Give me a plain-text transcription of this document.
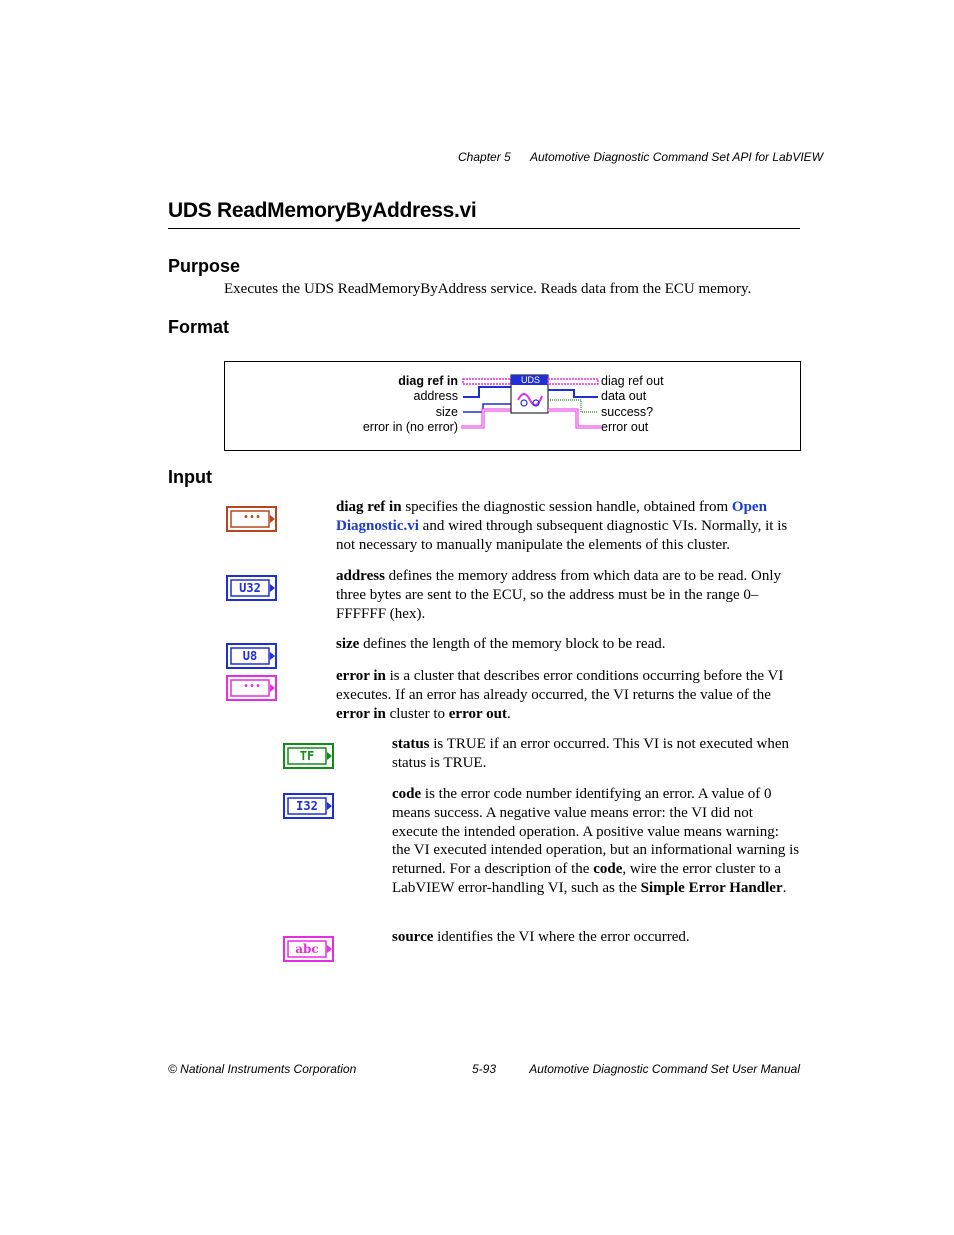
Chapter 5 Automotive Diagnostic Command Set API for LabVIEW
UDS ReadMemoryByAddress.vi
Purpose
Executes the UDS ReadMemoryByAddress service. Reads data from the ECU memory.
Format
UDS
diag ref in
address
size
error in (no error)
diag ref out
data out
success?
error out
Input
•••
diag ref in specifies the diagnostic session handle, obtained from Open Diagnostic.vi and wired through subsequent diagnostic VIs. Normally, it is not necessary to manually manipulate the elements of this cluster.
U32
address defines the memory address from which data are to be read. Only three bytes are sent to the ECU, so the address must be in the range 0–FFFFFF (hex).
U8
size defines the length of the memory block to be read.
•••
error in is a cluster that describes error conditions occurring before the VI executes. If an error has already occurred, the VI returns the value of the error in cluster to error out.
TF
status is TRUE if an error occurred. This VI is not executed when status is TRUE.
I32
code is the error code number identifying an error. A value of 0 means success. A negative value means error: the VI did not execute the intended operation. A positive value means warning: the VI executed intended operation, but an informational warning is returned. For a description of the code, wire the error cluster to a LabVIEW error-handling VI, such as the Simple Error Handler.
abc
source identifies the VI where the error occurred.
© National Instruments Corporation	5-93	Automotive Diagnostic Command Set User Manual
